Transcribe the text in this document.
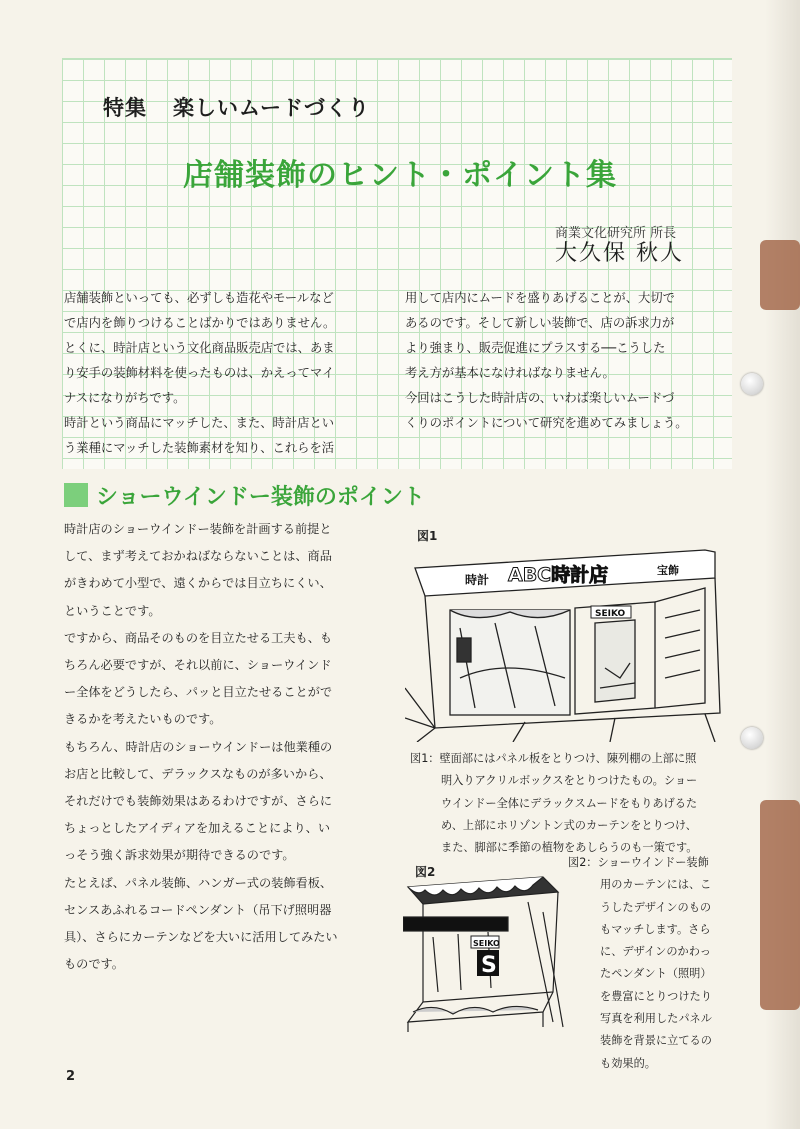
特集 楽しいムードづくり
店舗装飾のヒント・ポイント集
商業文化研究所 所長
大久保 秋人

店舗装飾といっても、必ずしも造花やモールなど

で店内を飾りつけることばかりではありません。

とくに、時計店という文化商品販売店では、あま

り安手の装飾材料を使ったものは、かえってマイ

ナスになりがちです。

時計という商品にマッチした、また、時計店とい

う業種にマッチした装飾素材を知り、これらを活

用して店内にムードを盛りあげることが、大切で

あるのです。そして新しい装飾で、店の訴求力が

より強まり、販売促進にプラスする──こうした

考え方が基本になければなりません。

今回はこうした時計店の、いわば楽しいムードづ

くりのポイントについて研究を進めてみましょう。

ショーウインドー装飾のポイント

時計店のショーウインドー装飾を計画する前提と

して、まず考えておかねばならないことは、商品

がきわめて小型で、遠くからでは目立ちにくい、

ということです。

ですから、商品そのものを目立たせる工夫も、も

ちろん必要ですが、それ以前に、ショーウインド

ー全体をどうしたら、パッと目立たせることがで

きるかを考えたいものです。

もちろん、時計店のショーウインドーは他業種の

お店と比較して、デラックスなものが多いから、

それだけでも装飾効果はあるわけですが、さらに

ちょっとしたアイディアを加えることにより、い

っそう強く訴求効果が期待できるのです。

たとえば、パネル装飾、ハンガー式の装飾看板、

センスあふれるコードペンダント（吊下げ照明器

具）、さらにカーテンなどを大いに活用してみたい

ものです。

時計 ABC時計店	宝飾
SEIKO
図1

図1：壁面部にはパネル板をとりつけ、陳列棚の上部に照

明入りアクリルボックスをとりつけたもの。ショー

ウインドー全体にデラックスムードをもりあげるた

め、上部にホリゾントン式のカーテンをとりつけ、

また、脚部に季節の植物をあしらうのも一策です。

SEIKO
S
図2

図2：ショーウインドー装飾

用のカーテンには、こ

うしたデザインのもの

もマッチします。さら

に、デザインのかわっ

たペンダント（照明）

を豊富にとりつけたり

写真を利用したパネル

装飾を背景に立てるの

も効果的。

2
